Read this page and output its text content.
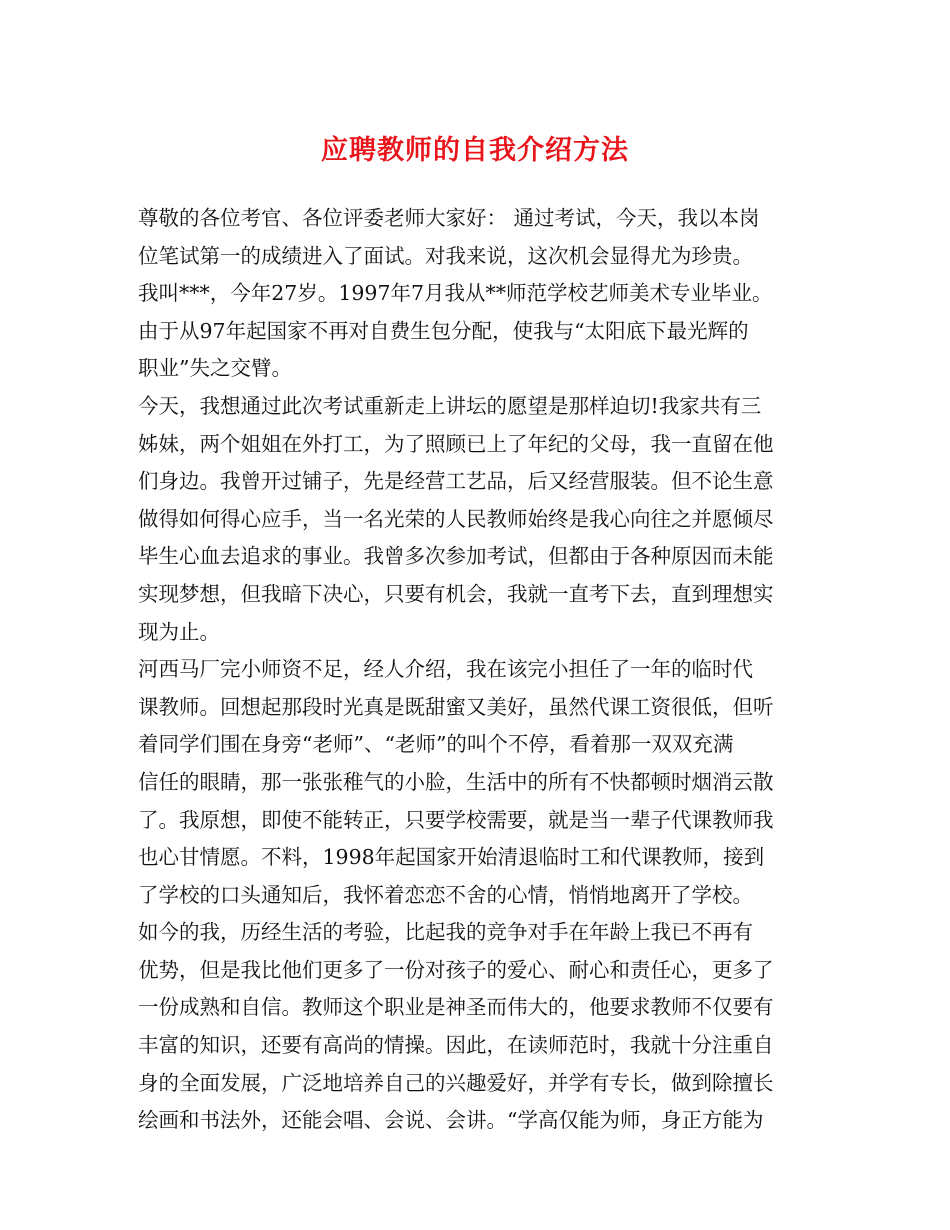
应聘教师的自我介绍方法
尊敬的各位考官、各位评委老师大家好： 通过考试，今天，我以本岗
位笔试第一的成绩进入了面试。对我来说，这次机会显得尤为珍贵。
我叫***，今年27岁。1997年7月我从**师范学校艺师美术专业毕业。
由于从97年起国家不再对自费生包分配，使我与“太阳底下最光辉的
职业”失之交臂。
今天，我想通过此次考试重新走上讲坛的愿望是那样迫切!我家共有三
姊妹，两个姐姐在外打工，为了照顾已上了年纪的父母，我一直留在他
们身边。我曾开过铺子，先是经营工艺品，后又经营服装。但不论生意
做得如何得心应手，当一名光荣的人民教师始终是我心向往之并愿倾尽
毕生心血去追求的事业。我曾多次参加考试，但都由于各种原因而未能
实现梦想，但我暗下决心，只要有机会，我就一直考下去，直到理想实
现为止。
河西马厂完小师资不足，经人介绍，我在该完小担任了一年的临时代
课教师。回想起那段时光真是既甜蜜又美好，虽然代课工资很低，但听
着同学们围在身旁“老师”、“老师”的叫个不停，看着那一双双充满
信任的眼睛，那一张张稚气的小脸，生活中的所有不快都顿时烟消云散
了。我原想，即使不能转正，只要学校需要，就是当一辈子代课教师我
也心甘情愿。不料，1998年起国家开始清退临时工和代课教师，接到
了学校的口头通知后，我怀着恋恋不舍的心情，悄悄地离开了学校。
如今的我，历经生活的考验，比起我的竞争对手在年龄上我已不再有
优势，但是我比他们更多了一份对孩子的爱心、耐心和责任心，更多了
一份成熟和自信。教师这个职业是神圣而伟大的，他要求教师不仅要有
丰富的知识，还要有高尚的情操。因此，在读师范时，我就十分注重自
身的全面发展，广泛地培养自己的兴趣爱好，并学有专长，做到除擅长
绘画和书法外，还能会唱、会说、会讲。“学高仅能为师，身正方能为
